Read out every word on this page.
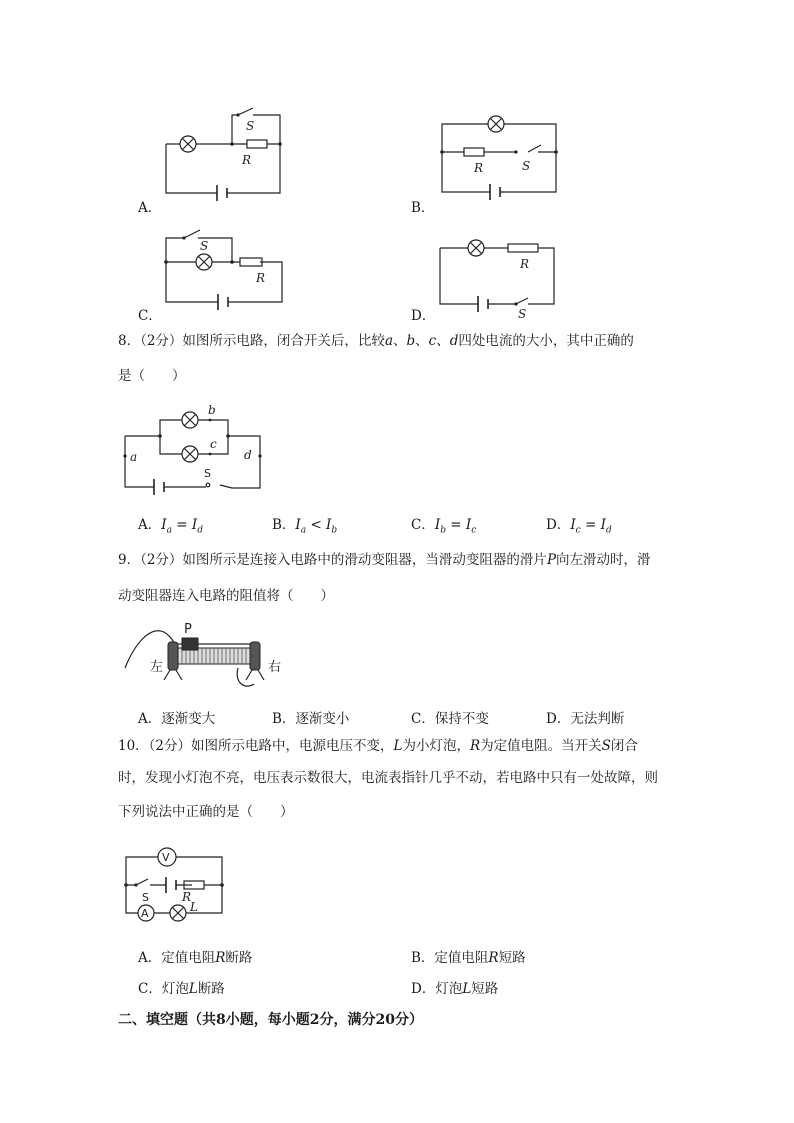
S
R
A．
R	S
B．
S
R
C．
R
S
D．
8．（2分）如图所示电路，闭合开关后，比较a、b、c、d四处电流的大小，其中正确的
是（　　）
b
c
a	d
S
A．$I_a = I_d$	B．$I_a < I_b$	C．$I_b = I_c$	D．$I_c = I_d$
9．（2分）如图所示是连接入电路中的滑动变阻器，当滑动变阻器的滑片P向左滑动时，滑
动变阻器连入电路的阻值将（　　）
P
左	右
A．逐渐变大	B．逐渐变小	C．保持不变	D．无法判断
10．（2分）如图所示电路中，电源电压不变，L为小灯泡，R为定值电阻。当开关S闭合
时，发现小灯泡不亮，电压表示数很大，电流表指针几乎不动，若电路中只有一处故障，则
下列说法中正确的是（　　）
V
A
S	R
L
A．定值电阻R断路	B．定值电阻R短路
C．灯泡L断路	D．灯泡L短路
二、填空题（共8小题，每小题2分，满分20分）
